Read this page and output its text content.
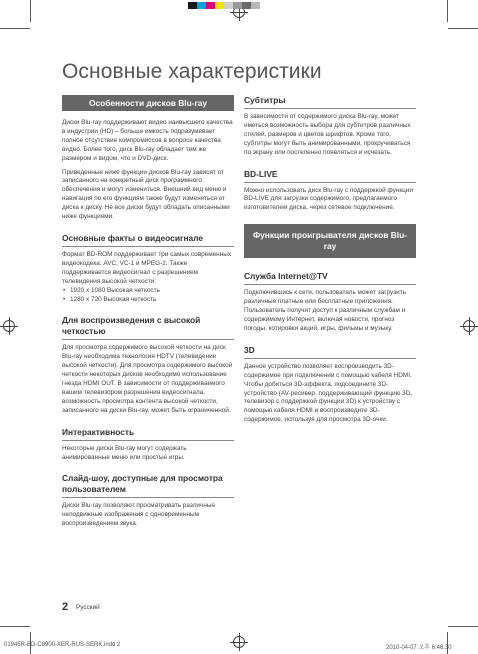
Основные характеристики
Особенности дисков Blu-ray

Диски Blu-ray поддерживают видео наивысшего качества в индустрии (HD) – больше емкость подразумевает полное отсутствие компромиссов в вопросе качества видео. Более того, диск Blu-ray обладает тем же размером и видом, что и DVD-диск.

Приведенные ниже функции дисков Blu-ray зависят от записанного на конкретный диск программного обеспечения и могут измениться. Внешний вид меню и навигация по его функциям также будут изменяться от диска к диску. Не все диски будут обладать описанными ниже функциями.

Основные факты о видеосигнале

Формат BD-ROM поддерживает три самых современных видеокодека: AVC, VC-1 и MPEG-2. Также поддерживается видеосигнал с разрешением телевидения высокой четкости:

• 1920 x 1080 Высокая четкость
• 1280 x 720 Высокая четкость
Для воспроизведения с высокой четкостью

Для просмотра содержимого высокой четкости на диск Blu-ray необходима технология HDTV (телевидение высокой четкости). Для просмотра содержимого высокой четкости некоторых дисков необходимо использование гнезда HDMI OUT. В зависимости от поддерживаемого вашим телевизором разрешения видеосигнала, возможность просмотра контента высокой четкости, записанного на диски Blu-ray, может быть ограниченной.

Интерактивность

Некоторые диски Blu-ray могут содержать анимированные меню или простые игры.

Слайд-шоу, доступные для просмотра пользователем

Диски Blu-ray позволяют просматривать различные неподвижные изображения с одновременным воспроизведением звука.

Субтитры

В зависимости от содержимого диска Blu-ray, может иметься возможность выбора для субтитров различных стилей, размеров и цветов шрифтов. Кроме того, субтитры могут быть анимированными, прокручиваться по экрану или постепенно появляться и исчезать.

BD-LIVE

Можно использовать диск Blu-ray с поддержкой функции BD-LIVE для загрузки содержимого, предлагаемого изготовителем диска, через сетевое подключение.

Функции проигрывателя дисков Blu-ray
Служба Internet@TV

Подключившись к сети, пользователь может загрузить различные платные или бесплатные приложения.

Пользователь получит доступ к различным службам и содержимому Интернет, включая новости, прогноз погоды, котировки акций, игры, фильмы и музыку.

3D

Данное устройство позволяет воспроизводить 3D-содержимое при подключении с помощью кабеля HDMI.

Чтобы добиться 3D-эффекта, подсоедините 3D-устройство (AV-ресивер, поддерживающий функцию 3D, телевизор с поддержкой функции 3D) к устройству с помощью кабеля HDMI и воспроизведите 3D-содержимое, используя для просмотра 3D-очки.

2 Русский
01945R-BD-C8900-XER-RUS-SERK.indd 2	2010-04-07 오후 6:46:30
